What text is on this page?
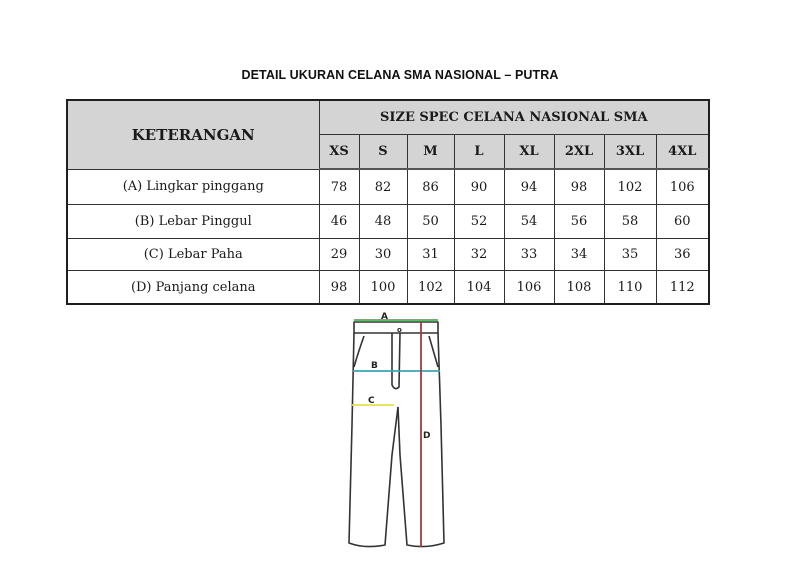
DETAIL UKURAN CELANA SMA NASIONAL – PUTRA
KETERANGAN	SIZE SPEC CELANA NASIONAL SMA							
	XS	S	M	L	XL	2XL	3XL	4XL
(A) Lingkar pinggang	78	82	86	90	94	98	102	106
(B) Lebar Pinggul	46	48	50	52	54	56	58	60
(C) Lebar Paha	29	30	31	32	33	34	35	36
(D) Panjang celana	98	100	102	104	106	108	110	112
A
o
B
C
D
